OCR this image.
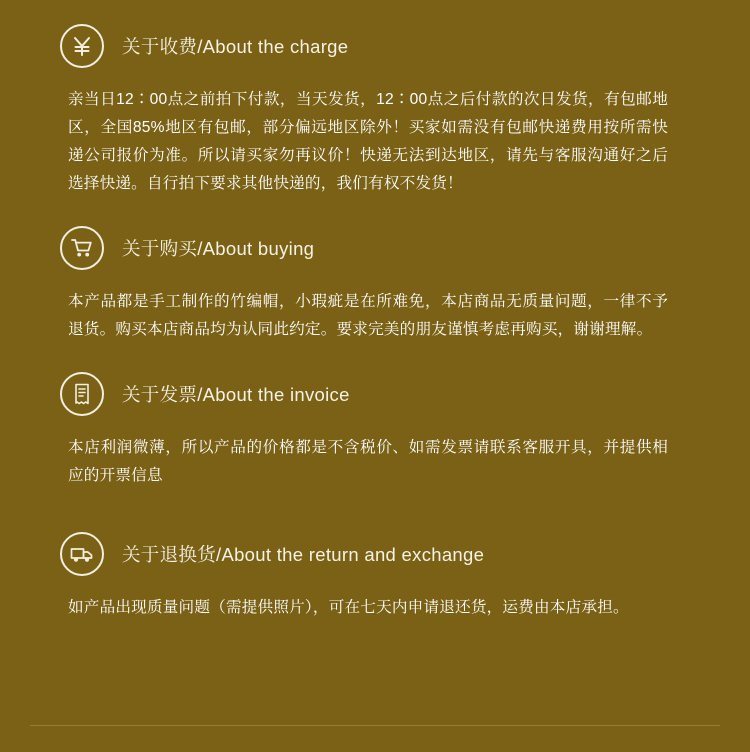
关于收费/About the charge

亲当日12∶00点之前拍下付款，当天发货，12∶00点之后付款的次日发货，有包邮地区，全国85%地区有包邮，部分偏远地区除外！买家如需没有包邮快递费用按所需快递公司报价为准。所以请买家勿再议价！快递无法到达地区，请先与客服沟通好之后选择快递。自行拍下要求其他快递的，我们有权不发货！

关于购买/About buying

本产品都是手工制作的竹编帽，小瑕疵是在所难免，本店商品无质量问题，一律不予退货。购买本店商品均为认同此约定。要求完美的朋友谨慎考虑再购买，谢谢理解。

关于发票/About the invoice

本店利润微薄，所以产品的价格都是不含税价、如需发票请联系客服开具，并提供相应的开票信息

关于退换货/About the return and exchange

如产品出现质量问题（需提供照片），可在七天内申请退还货，运费由本店承担。
